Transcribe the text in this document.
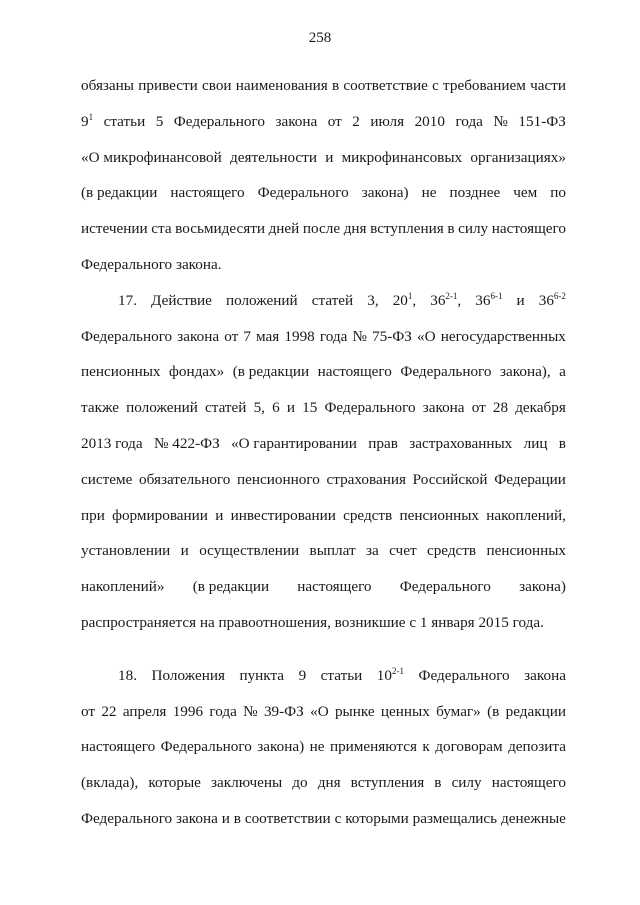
258
обязаны привести свои наименования в соответствие с требованием части
$9^1$ статьи 5 Федерального закона от 2 июля 2010 года № 151-ФЗ
«О микрофинансовой деятельности и микрофинансовых организациях»
(в редакции настоящего Федерального закона) не позднее чем по
истечении ста восьмидесяти дней после дня вступления в силу настоящего
Федерального закона.
17. Действие положений статей 3, $20^1$, 36$^{2-1}$, 36$^{6-1}$ и 36$^{6-2}$
Федерального закона от 7 мая 1998 года № 75-ФЗ «О негосударственных
пенсионных фондах» (в редакции настоящего Федерального закона), а
также положений статей 5, 6 и 15 Федерального закона от 28 декабря
2013 года № 422-ФЗ «О гарантировании прав застрахованных лиц в
системе обязательного пенсионного страхования Российской Федерации
при формировании и инвестировании средств пенсионных накоплений,
установлении и осуществлении выплат за счет средств пенсионных
накоплений» (в редакции настоящего Федерального закона)
распространяется на правоотношения, возникшие с 1 января 2015 года.
18. Положения пункта 9 статьи 10$^{2-1}$ Федерального закона
от 22 апреля 1996 года № 39-ФЗ «О рынке ценных бумаг» (в редакции
настоящего Федерального закона) не применяются к договорам депозита
(вклада), которые заключены до дня вступления в силу настоящего
Федерального закона и в соответствии с которыми размещались денежные
